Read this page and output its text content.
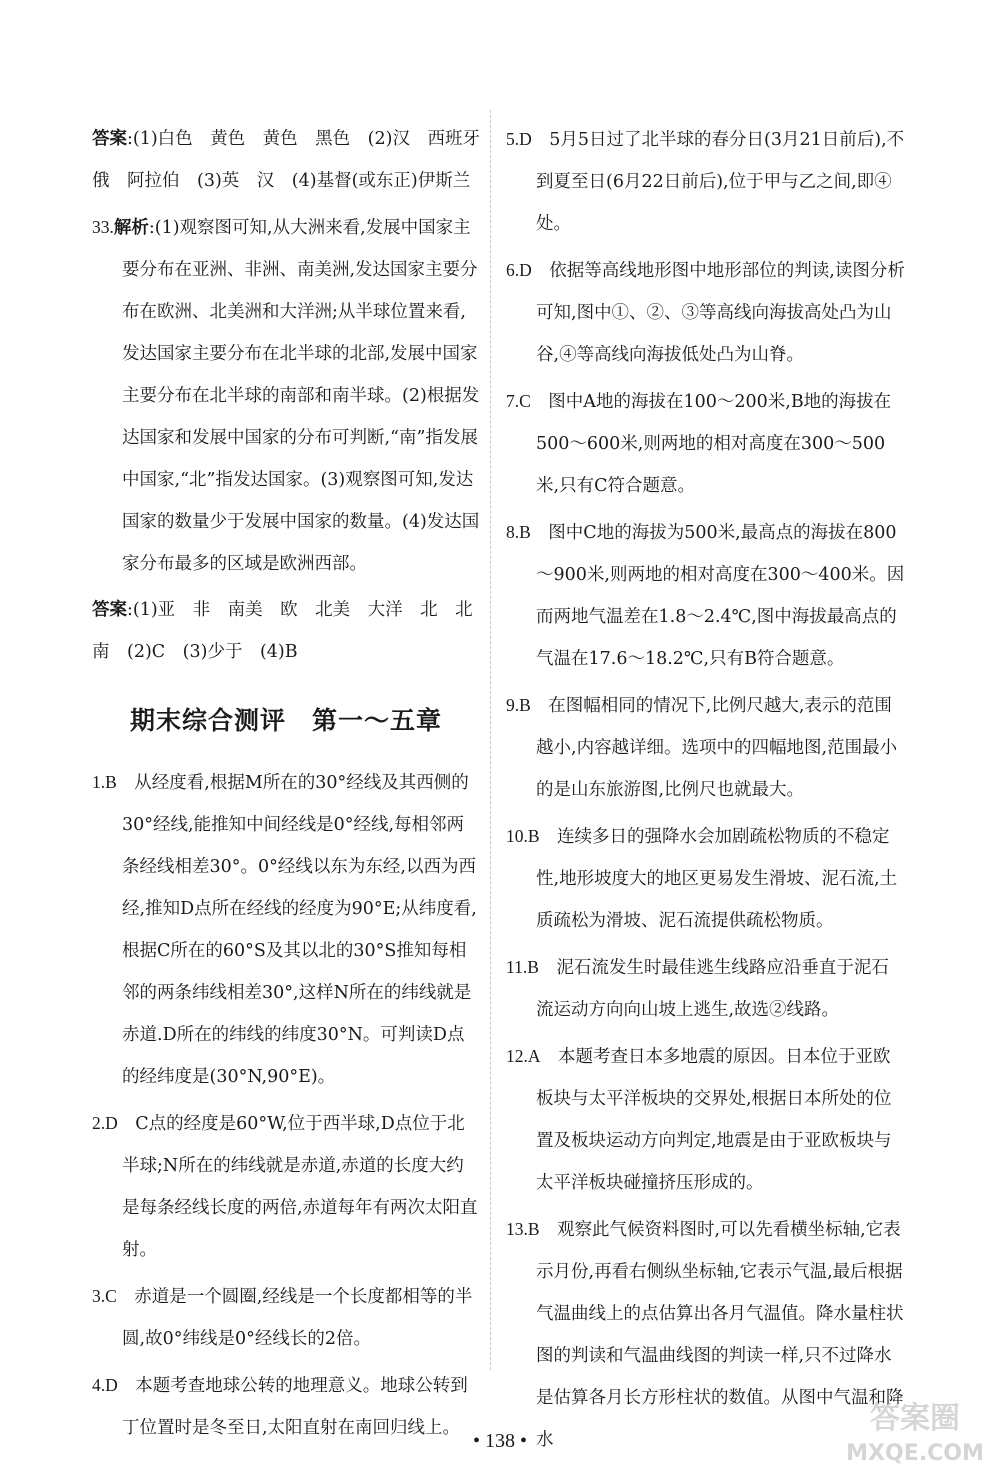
答案:(1)白色　黄色　黄色　黑色　(2)汉　西班牙　俄　阿拉伯　(3)英　汉　(4)基督(或东正)伊斯兰

33.解析:(1)观察图可知,从大洲来看,发展中国家主要分布在亚洲、非洲、南美洲,发达国家主要分布在欧洲、北美洲和大洋洲;从半球位置来看,发达国家主要分布在北半球的北部,发展中国家主要分布在北半球的南部和南半球。(2)根据发达国家和发展中国家的分布可判断,“南”指发展中国家,“北”指发达国家。(3)观察图可知,发达国家的数量少于发展中国家的数量。(4)发达国家分布最多的区域是欧洲西部。

答案:(1)亚　非　南美　欧　北美　大洋　北　北　南　(2)C　(3)少于　(4)B

期末综合测评　第一～五章

1.B　从经度看,根据M所在的30°经线及其西侧的30°经线,能推知中间经线是0°经线,每相邻两条经线相差30°。0°经线以东为东经,以西为西经,推知D点所在经线的经度为90°E;从纬度看,根据C所在的60°S及其以北的30°S推知每相邻的两条纬线相差30°,这样N所在的纬线就是赤道.D所在的纬线的纬度30°N。可判读D点的经纬度是(30°N,90°E)。

2.D　C点的经度是60°W,位于西半球,D点位于北半球;N所在的纬线就是赤道,赤道的长度大约是每条经线长度的两倍,赤道每年有两次太阳直射。

3.C　赤道是一个圆圈,经线是一个长度都相等的半圆,故0°纬线是0°经线长的2倍。

4.D　本题考查地球公转的地理意义。地球公转到丁位置时是冬至日,太阳直射在南回归线上。

5.D　5月5日过了北半球的春分日(3月21日前后),不到夏至日(6月22日前后),位于甲与乙之间,即④处。

6.D　依据等高线地形图中地形部位的判读,读图分析可知,图中①、②、③等高线向海拔高处凸为山谷,④等高线向海拔低处凸为山脊。

7.C　图中A地的海拔在100～200米,B地的海拔在500～600米,则两地的相对高度在300～500米,只有C符合题意。

8.B　图中C地的海拔为500米,最高点的海拔在800～900米,则两地的相对高度在300～400米。因而两地气温差在1.8～2.4℃,图中海拔最高点的气温在17.6～18.2℃,只有B符合题意。

9.B　在图幅相同的情况下,比例尺越大,表示的范围越小,内容越详细。选项中的四幅地图,范围最小的是山东旅游图,比例尺也就最大。

10.B　连续多日的强降水会加剧疏松物质的不稳定性,地形坡度大的地区更易发生滑坡、泥石流,土质疏松为滑坡、泥石流提供疏松物质。

11.B　泥石流发生时最佳逃生线路应沿垂直于泥石流运动方向向山坡上逃生,故选②线路。

12.A　本题考查日本多地震的原因。日本位于亚欧板块与太平洋板块的交界处,根据日本所处的位置及板块运动方向判定,地震是由于亚欧板块与太平洋板块碰撞挤压形成的。

13.B　观察此气候资料图时,可以先看横坐标轴,它表示月份,再看右侧纵坐标轴,它表示气温,最后根据气温曲线上的点估算出各月气温值。降水量柱状图的判读和气温曲线图的判读一样,只不过降水是估算各月长方形柱状的数值。从图中气温和降水

• 138 •
答案圈
MXQE.COM
